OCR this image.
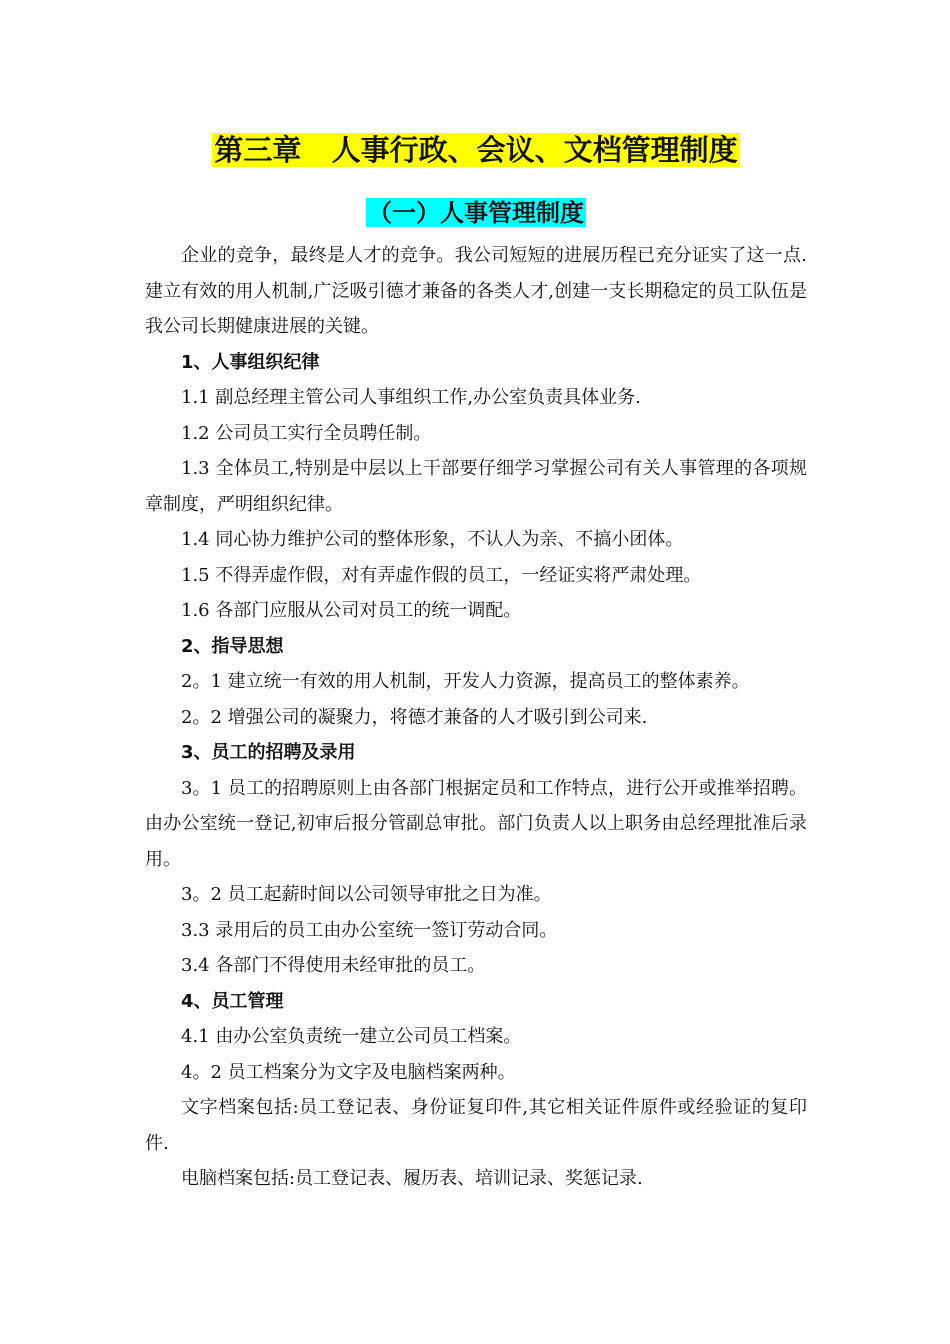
第三章   人事行政、会议、文档管理制度
（一）人事管理制度

企业的竞争，最终是人才的竞争。我公司短短的进展历程已充分证实了这一点.建立有效的用人机制,广泛吸引德才兼备的各类人才,创建一支长期稳定的员工队伍是我公司长期健康进展的关键。

1、人事组织纪律

1.1 副总经理主管公司人事组织工作,办公室负责具体业务.

1.2 公司员工实行全员聘任制。

1.3 全体员工,特别是中层以上干部要仔细学习掌握公司有关人事管理的各项规章制度，严明组织纪律。

1.4 同心协力维护公司的整体形象，不认人为亲、不搞小团体。

1.5 不得弄虚作假，对有弄虚作假的员工，一经证实将严肃处理。

1.6 各部门应服从公司对员工的统一调配。

2、指导思想

2。1 建立统一有效的用人机制，开发人力资源，提高员工的整体素养。

2。2 增强公司的凝聚力，将德才兼备的人才吸引到公司来.

3、员工的招聘及录用

3。1 员工的招聘原则上由各部门根据定员和工作特点，进行公开或推举招聘。由办公室统一登记,初审后报分管副总审批。部门负责人以上职务由总经理批准后录用。

3。2 员工起薪时间以公司领导审批之日为准。

3.3 录用后的员工由办公室统一签订劳动合同。

3.4 各部门不得使用未经审批的员工。

4、员工管理

4.1 由办公室负责统一建立公司员工档案。

4。2 员工档案分为文字及电脑档案两种。

文字档案包括:员工登记表、身份证复印件,其它相关证件原件或经验证的复印件.

电脑档案包括:员工登记表、履历表、培训记录、奖惩记录.
